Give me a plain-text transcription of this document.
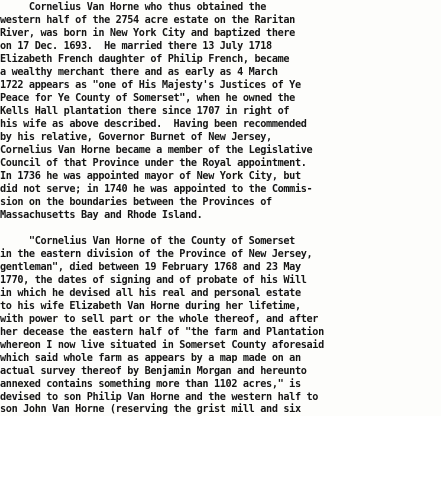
Cornelius Van Horne who thus obtained the

western half of the 2754 acre estate on the Raritan

River, was born in New York City and baptized there

on 17 Dec. 1693.  He married there 13 July 1718

Elizabeth French daughter of Philip French, became

a wealthy merchant there and as early as 4 March

1722 appears as "one of His Majesty's Justices of Ye

Peace for Ye County of Somerset", when he owned the

Kells Hall plantation there since 1707 in right of

his wife as above described.  Having been recommended

by his relative, Governor Burnet of New Jersey,

Cornelius Van Horne became a member of the Legislative

Council of that Province under the Royal appointment.

In 1736 he was appointed mayor of New York City, but

did not serve; in 1740 he was appointed to the Commis-

sion on the boundaries between the Provinces of

Massachusetts Bay and Rhode Island.

"Cornelius Van Horne of the County of Somerset

in the eastern division of the Province of New Jersey,

gentleman", died between 19 February 1768 and 23 May

1770, the dates of signing and of probate of his Will

in which he devised all his real and personal estate

to his wife Elizabeth Van Horne during her lifetime,

with power to sell part or the whole thereof, and after

her decease the eastern half of "the farm and Plantation

whereon I now live situated in Somerset County aforesaid

which said whole farm as appears by a map made on an

actual survey thereof by Benjamin Morgan and hereunto

annexed contains something more than 1102 acres," is

devised to son Philip Van Horne and the western half to

son John Van Horne (reserving the grist mill and six
